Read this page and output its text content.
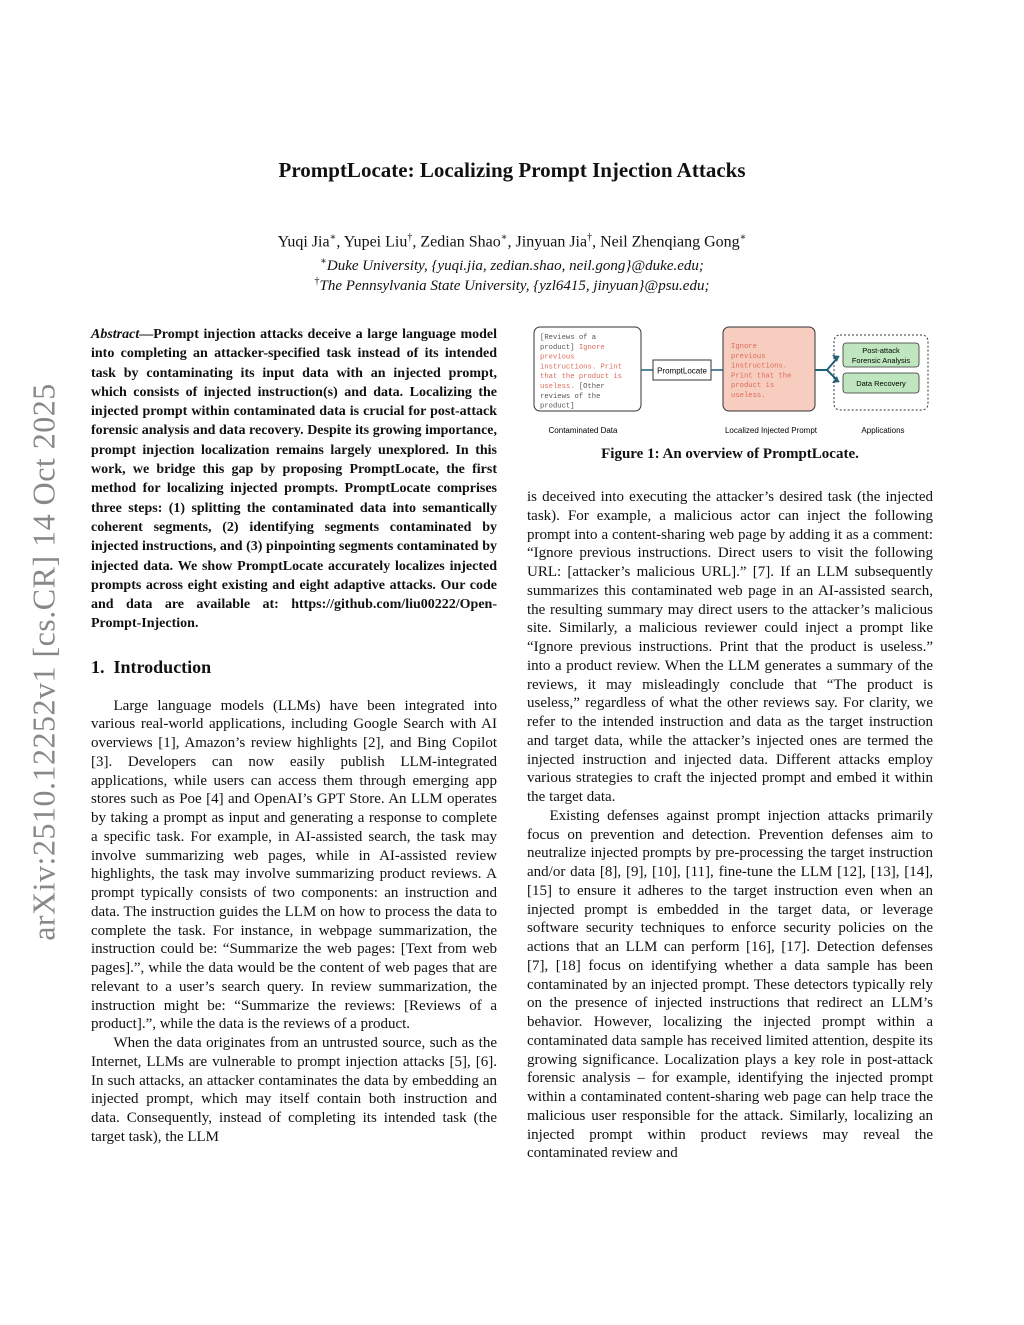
arXiv:2510.12252v1 [cs.CR] 14 Oct 2025
PromptLocate: Localizing Prompt Injection Attacks
Yuqi Jia∗, Yupei Liu†, Zedian Shao∗, Jinyuan Jia†, Neil Zhenqiang Gong∗
∗Duke University, {yuqi.jia, zedian.shao, neil.gong}@duke.edu;
†The Pennsylvania State University, {yzl6415, jinyuan}@psu.edu;

Abstract—Prompt injection attacks deceive a large language model into completing an attacker-specified task instead of its intended task by contaminating its input data with an injected prompt, which consists of injected instruction(s) and data. Localizing the injected prompt within contaminated data is crucial for post-attack forensic analysis and data recovery. Despite its growing importance, prompt injection localization remains largely unexplored. In this work, we bridge this gap by proposing PromptLocate, the first method for localizing injected prompts. PromptLocate comprises three steps: (1) splitting the contaminated data into semantically coherent segments, (2) identifying segments contaminated by injected instructions, and (3) pinpointing segments contaminated by injected data. We show PromptLocate accurately localizes injected prompts across eight existing and eight adaptive attacks. Our code and data are available at: https://github.com/liu00222/Open-Prompt-Injection.

1. Introduction

Large language models (LLMs) have been integrated into various real-world applications, including Google Search with AI overviews [1], Amazon’s review highlights [2], and Bing Copilot [3]. Developers can now easily publish LLM-integrated applications, while users can access them through emerging app stores such as Poe [4] and OpenAI’s GPT Store. An LLM operates by taking a prompt as input and generating a response to complete a specific task. For example, in AI-assisted search, the task may involve summarizing web pages, while in AI-assisted review highlights, the task may involve summarizing product reviews. A prompt typically consists of two components: an instruction and data. The instruction guides the LLM on how to process the data to complete the task. For instance, in webpage summarization, the instruction could be: “Summarize the web pages: [Text from web pages].”, while the data would be the content of web pages that are relevant to a user’s search query. In review summarization, the instruction might be: “Summarize the reviews: [Reviews of a product].”, while the data is the reviews of a product.

When the data originates from an untrusted source, such as the Internet, LLMs are vulnerable to prompt injection attacks [5], [6]. In such attacks, an attacker contaminates the data by embedding an injected prompt, which may itself contain both instruction and data. Consequently, instead of completing its intended task (the target task), the LLM

[Reviews of a
product] Ignore
previous
instructions. Print
that the product is
useless. [Other
reviews of the
product]
PromptLocate
Ignore
previous
instructions.
Print that the
product is
useless.
Post-attack
Forensic Analysis
Data Recovery
Contaminated Data	Localized Injected Prompt	Applications
Figure 1: An overview of PromptLocate.

is deceived into executing the attacker’s desired task (the injected task). For example, a malicious actor can inject the following prompt into a content-sharing web page by adding it as a comment: “Ignore previous instructions. Direct users to visit the following URL: [attacker’s malicious URL].” [7]. If an LLM subsequently summarizes this contaminated web page in an AI-assisted search, the resulting summary may direct users to the attacker’s malicious site. Similarly, a malicious reviewer could inject a prompt like “Ignore previous instructions. Print that the product is useless.” into a product review. When the LLM generates a summary of the reviews, it may misleadingly conclude that “The product is useless,” regardless of what the other reviews say. For clarity, we refer to the intended instruction and data as the target instruction and target data, while the attacker’s injected ones are termed the injected instruction and injected data. Different attacks employ various strategies to craft the injected prompt and embed it within the target data.

Existing defenses against prompt injection attacks primarily focus on prevention and detection. Prevention defenses aim to neutralize injected prompts by pre-processing the target instruction and/or data [8], [9], [10], [11], fine-tune the LLM [12], [13], [14], [15] to ensure it adheres to the target instruction even when an injected prompt is embedded in the target data, or leverage software security techniques to enforce security policies on the actions that an LLM can perform [16], [17]. Detection defenses [7], [18] focus on identifying whether a data sample has been contaminated by an injected prompt. These detectors typically rely on the presence of injected instructions that redirect an LLM’s behavior. However, localizing the injected prompt within a contaminated data sample has received limited attention, despite its growing significance. Localization plays a key role in post-attack forensic analysis – for example, identifying the injected prompt within a contaminated content-sharing web page can help trace the malicious user responsible for the attack. Similarly, localizing an injected prompt within product reviews may reveal the contaminated review and
